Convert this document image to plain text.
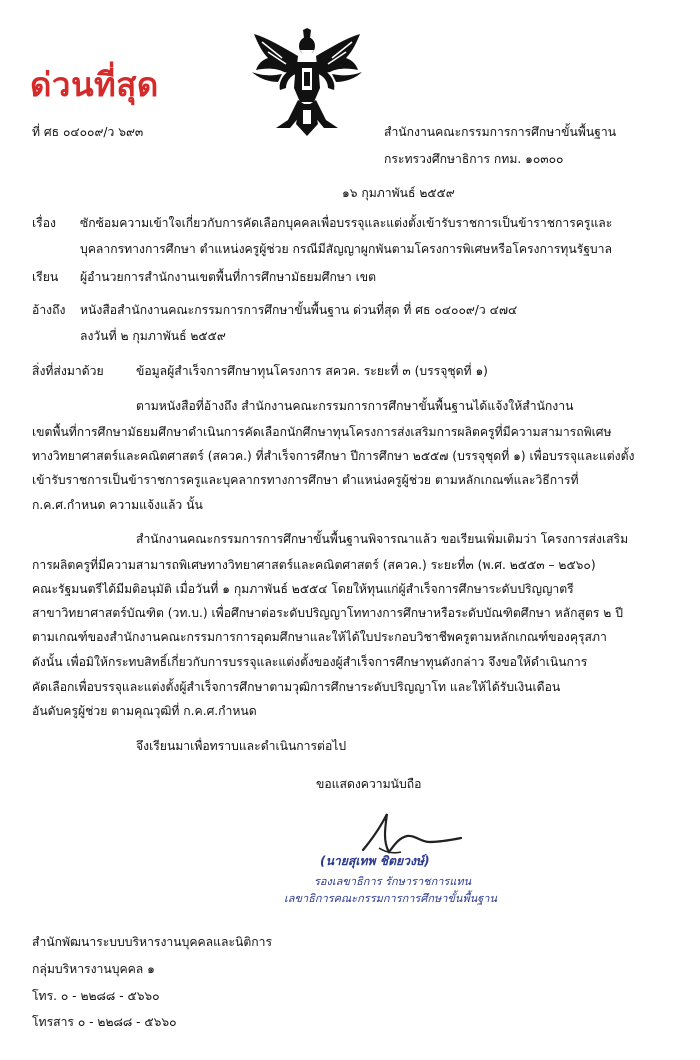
ด่วนที่สุด
ที่ ศธ ๐๔๐๐๙/ว ๖๙๓	สำนักงานคณะกรรมการการศึกษาขั้นพื้นฐาน
กระทรวงศึกษาธิการ กทม. ๑๐๓๐๐
๑๖ กุมภาพันธ์ ๒๕๕๙
เรื่อง ซักซ้อมความเข้าใจเกี่ยวกับการคัดเลือกบุคคลเพื่อบรรจุและแต่งตั้งเข้ารับราชการเป็นข้าราชการครูและ
บุคลากรทางการศึกษา ตำแหน่งครูผู้ช่วย กรณีมีสัญญาผูกพันตามโครงการพิเศษหรือโครงการทุนรัฐบาล
เรียน ผู้อำนวยการสำนักงานเขตพื้นที่การศึกษามัธยมศึกษา เขต
อ้างถึง หนังสือสำนักงานคณะกรรมการการศึกษาขั้นพื้นฐาน ด่วนที่สุด ที่ ศธ ๐๔๐๐๙/ว ๔๗๔
ลงวันที่ ๒ กุมภาพันธ์ ๒๕๕๙
สิ่งที่ส่งมาด้วย	ข้อมูลผู้สำเร็จการศึกษาทุนโครงการ สควค. ระยะที่ ๓ (บรรจุชุดที่ ๑)
ตามหนังสือที่อ้างถึง สำนักงานคณะกรรมการการศึกษาขั้นพื้นฐานได้แจ้งให้สำนักงาน
เขตพื้นที่การศึกษามัธยมศึกษาดำเนินการคัดเลือกนักศึกษาทุนโครงการส่งเสริมการผลิตครูที่มีความสามารถพิเศษ
ทางวิทยาศาสตร์และคณิตศาสตร์ (สควค.) ที่สำเร็จการศึกษา ปีการศึกษา ๒๕๕๗ (บรรจุชุดที่ ๑) เพื่อบรรจุและแต่งตั้ง
เข้ารับราชการเป็นข้าราชการครูและบุคลากรทางการศึกษา ตำแหน่งครูผู้ช่วย ตามหลักเกณฑ์และวิธีการที่
ก.ค.ศ.กำหนด ความแจ้งแล้ว นั้น
สำนักงานคณะกรรมการการศึกษาขั้นพื้นฐานพิจารณาแล้ว ขอเรียนเพิ่มเติมว่า โครงการส่งเสริม
การผลิตครูที่มีความสามารถพิเศษทางวิทยาศาสตร์และคณิตศาสตร์ (สควค.) ระยะที่๓ (พ.ศ. ๒๕๕๓ – ๒๕๖๐)
คณะรัฐมนตรีได้มีมติอนุมัติ เมื่อวันที่ ๑ กุมภาพันธ์ ๒๕๕๔ โดยให้ทุนแก่ผู้สำเร็จการศึกษาระดับปริญญาตรี
สาขาวิทยาศาสตร์บัณฑิต (วท.บ.) เพื่อศึกษาต่อระดับปริญญาโททางการศึกษาหรือระดับบัณฑิตศึกษา หลักสูตร ๒ ปี
ตามเกณฑ์ของสำนักงานคณะกรรมการการอุดมศึกษาและให้ได้ใบประกอบวิชาชีพครูตามหลักเกณฑ์ของคุรุสภา
ดังนั้น เพื่อมิให้กระทบสิทธิ์เกี่ยวกับการบรรจุและแต่งตั้งของผู้สำเร็จการศึกษาทุนดังกล่าว จึงขอให้ดำเนินการ
คัดเลือกเพื่อบรรจุและแต่งตั้งผู้สำเร็จการศึกษาตามวุฒิการศึกษาระดับปริญญาโท และให้ได้รับเงินเดือน
อันดับครูผู้ช่วย ตามคุณวุฒิที่ ก.ค.ศ.กำหนด
จึงเรียนมาเพื่อทราบและดำเนินการต่อไป
ขอแสดงความนับถือ
(นายสุเทพ ชิตยวงษ์)
รองเลขาธิการ รักษาราชการแทน
เลขาธิการคณะกรรมการการศึกษาขั้นพื้นฐาน
สำนักพัฒนาระบบบริหารงานบุคคลและนิติการ
กลุ่มบริหารงานบุคคล ๑
โทร. ๐ - ๒๒๘๘ - ๕๖๖๐
โทรสาร ๐ - ๒๒๘๘ - ๕๖๖๐
